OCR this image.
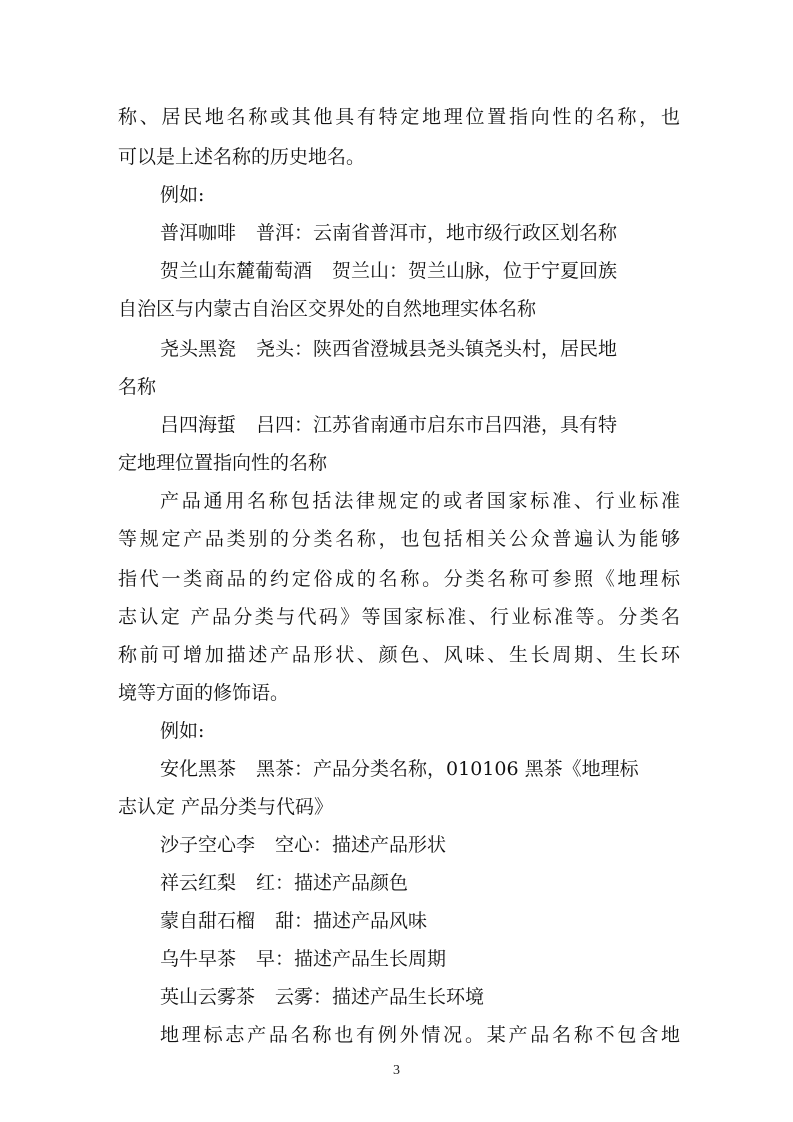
称、居民地名称或其他具有特定地理位置指向性的名称，也
可以是上述名称的历史地名。
例如:
普洱咖啡 普洱：云南省普洱市，地市级行政区划名称
贺兰山东麓葡萄酒 贺兰山：贺兰山脉，位于宁夏回族
自治区与内蒙古自治区交界处的自然地理实体名称
尧头黑瓷 尧头：陕西省澄城县尧头镇尧头村，居民地
名称
吕四海蜇 吕四：江苏省南通市启东市吕四港，具有特
定地理位置指向性的名称
产品通用名称包括法律规定的或者国家标准、行业标准
等规定产品类别的分类名称，也包括相关公众普遍认为能够
指代一类商品的约定俗成的名称。分类名称可参照《地理标
志认定 产品分类与代码》等国家标准、行业标准等。分类名
称前可增加描述产品形状、颜色、风味、生长周期、生长环
境等方面的修饰语。
例如:
安化黑茶 黑茶：产品分类名称，010106 黑茶《地理标
志认定 产品分类与代码》
沙子空心李 空心：描述产品形状
祥云红梨 红：描述产品颜色
蒙自甜石榴 甜：描述产品风味
乌牛早茶 早：描述产品生长周期
英山云雾茶 云雾：描述产品生长环境
地理标志产品名称也有例外情况。某产品名称不包含地
3
